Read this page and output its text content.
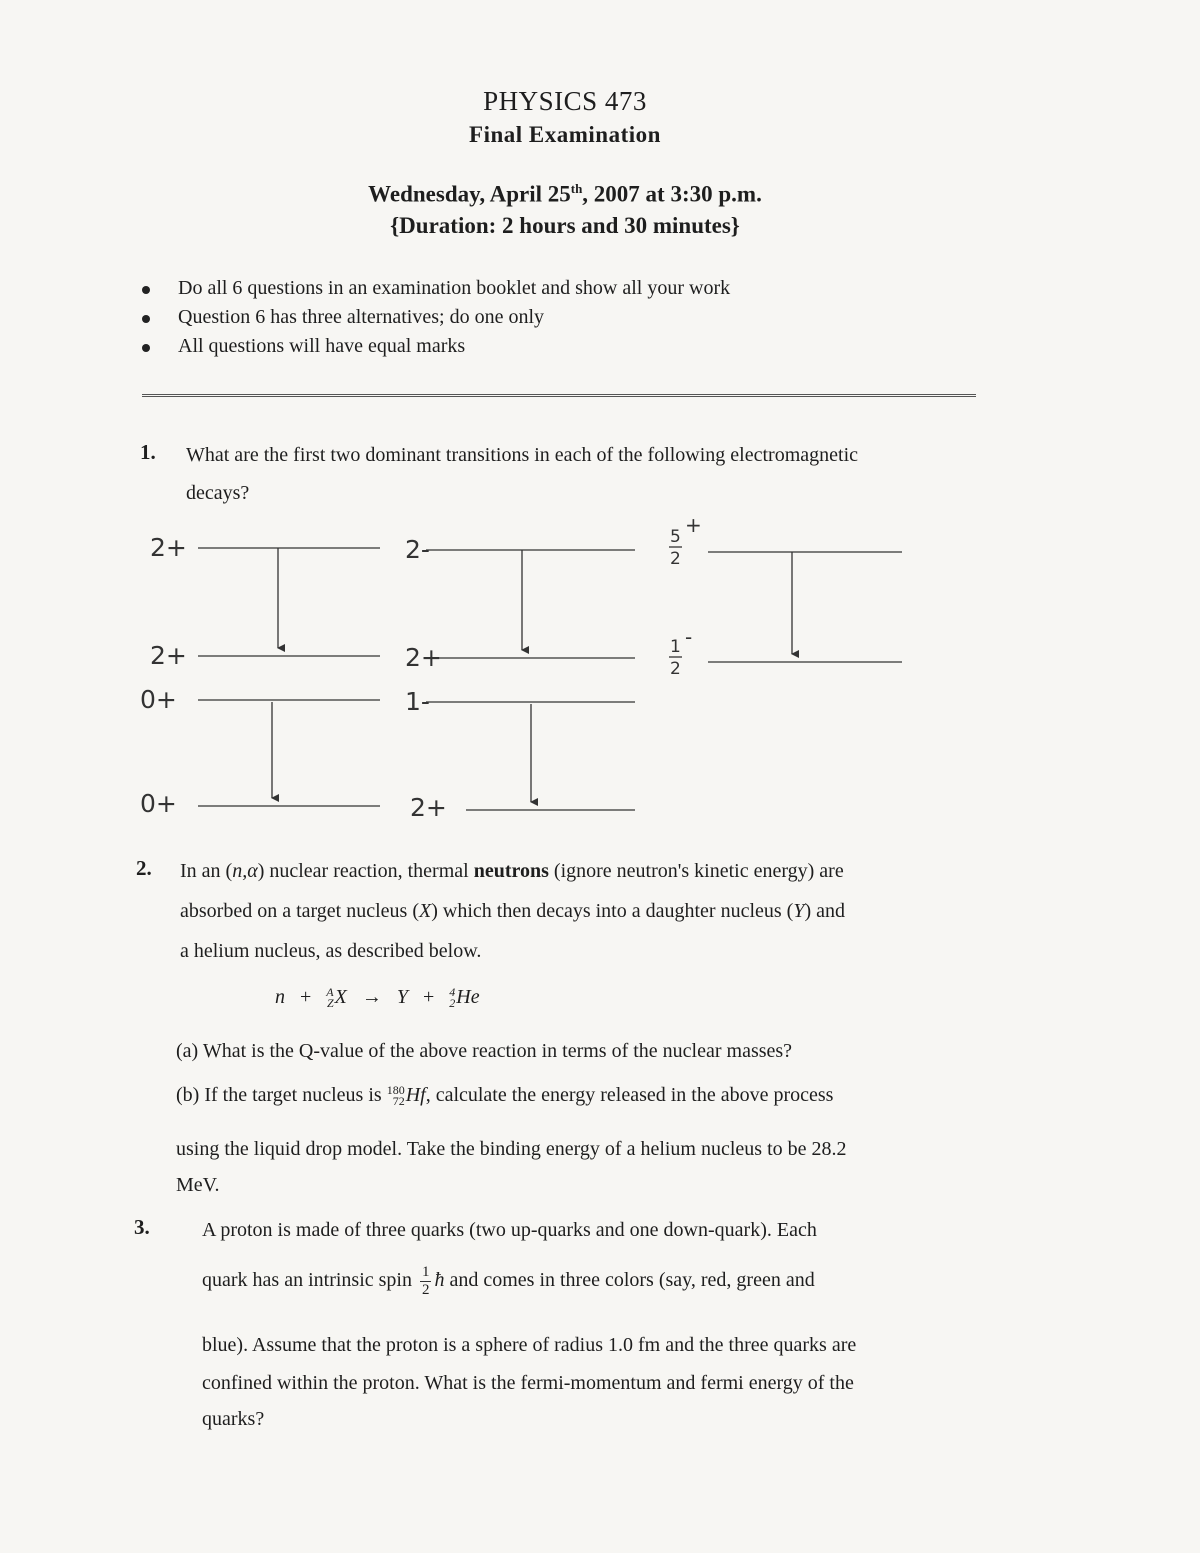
PHYSICS 473
Final Examination
Wednesday, April 25th, 2007 at 3:30 p.m.
{Duration: 2 hours and 30 minutes}
Do all 6 questions in an examination booklet and show all your work
Question 6 has three alternatives; do one only
All questions will have equal marks
1. What are the first two dominant transitions in each of the following electromagnetic
decays?
2+
2+
0+
0+
2-
2+
1-
2+
5
2
+
1
2
-
2. In an (n,α) nuclear reaction, thermal neutrons (ignore neutron's kinetic energy) are
absorbed on a target nucleus (X) which then decays into a daughter nucleus (Y) and
a helium nucleus, as described below.
n + A
ZX → Y + 4
2He
(a) What is the Q-value of the above reaction in terms of the nuclear masses?
(b) If the target nucleus is 180
72Hf, calculate the energy released in the above process
using the liquid drop model. Take the binding energy of a helium nucleus to be 28.2
MeV.
3.	A proton is made of three quarks (two up-quarks and one down-quark). Each
quark has an intrinsic spin $\frac{1}{2}$ ħ and comes in three colors (say, red, green and
blue). Assume that the proton is a sphere of radius 1.0 fm and the three quarks are
confined within the proton. What is the fermi-momentum and fermi energy of the
quarks?
